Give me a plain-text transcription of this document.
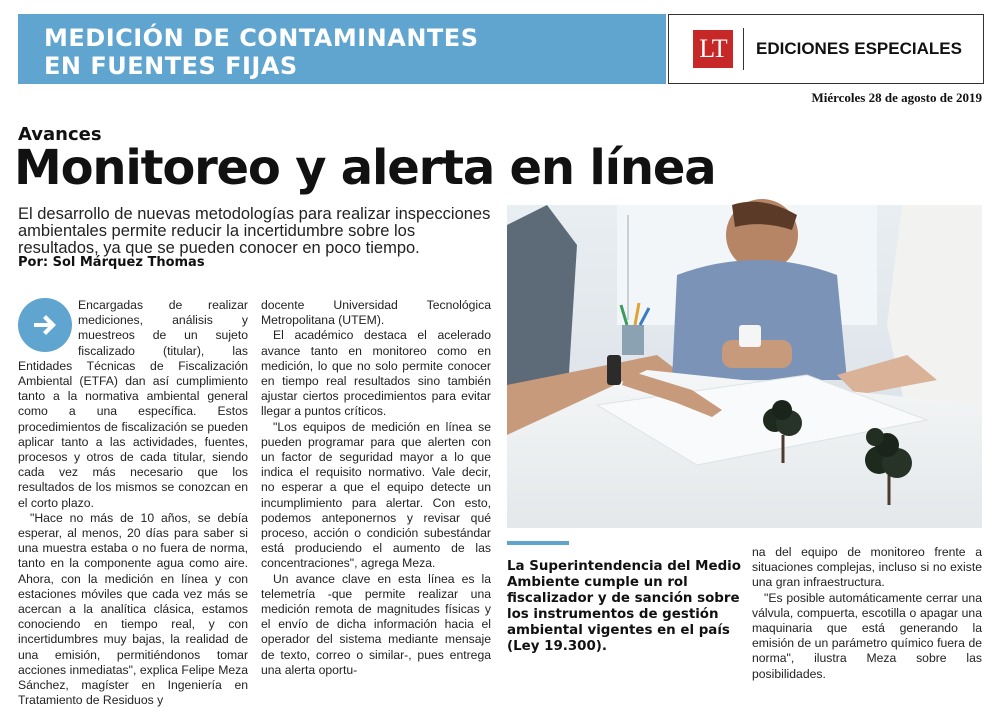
MEDICIÓN DE CONTAMINANTES
EN FUENTES FIJAS
LT	EDICIONES ESPECIALES
Miércoles 28 de agosto de 2019
Avances
Monitoreo y alerta en línea
El desarrollo de nuevas metodologías para realizar inspecciones ambientales permite reducir la incertidumbre sobre los resultados, ya que se pueden conocer en poco tiempo.
Por: Sol Márquez Thomas

Encargadas de realizar mediciones, análisis y muestreos de un sujeto fiscalizado (titular), las Entidades Técnicas de Fiscalización Ambiental (ETFA) dan así cumplimiento tanto a la normativa ambiental general como a una específica. Estos procedimientos de fiscalización se pueden aplicar tanto a las actividades, fuentes, procesos y otros de cada titular, siendo cada vez más necesario que los resultados de los mismos se conozcan en el corto plazo.

"Hace no más de 10 años, se debía esperar, al menos, 20 días para saber si una muestra estaba o no fuera de norma, tanto en la componente agua como aire. Ahora, con la medición en línea y con estaciones móviles que cada vez más se acercan a la analítica clásica, estamos conociendo en tiempo real, y con incertidumbres muy bajas, la realidad de una emisión, permitiéndonos tomar acciones inmediatas", explica Felipe Meza Sánchez, magíster en Ingeniería en Tratamiento de Residuos y

docente Universidad Tecnológica Metropolitana (UTEM).

El académico destaca el acelerado avance tanto en monitoreo como en medición, lo que no solo permite conocer en tiempo real resultados sino también ajustar ciertos procedimientos para evitar llegar a puntos críticos.

"Los equipos de medición en línea se pueden programar para que alerten con un factor de seguridad mayor a lo que indica el requisito normativo. Vale decir, no esperar a que el equipo detecte un incumplimiento para alertar. Con esto, podemos anteponernos y revisar qué proceso, acción o condición subestándar está produciendo el aumento de las concentraciones", agrega Meza.

Un avance clave en esta línea es la telemetría -que permite realizar una medición remota de magnitudes físicas y el envío de dicha información hacia el operador del sistema mediante mensaje de texto, correo o similar-, pues entrega una alerta oportu-

La Superintendencia del Medio Ambiente cumple un rol fiscalizador y de sanción sobre los instrumentos de gestión ambiental vigentes en el país (Ley 19.300).

na del equipo de monitoreo frente a situaciones complejas, incluso si no existe una gran infraestructura.

"Es posible automáticamente cerrar una válvula, compuerta, escotilla o apagar una maquinaria que está generando la emisión de un parámetro químico fuera de norma", ilustra Meza sobre las posibilidades.
